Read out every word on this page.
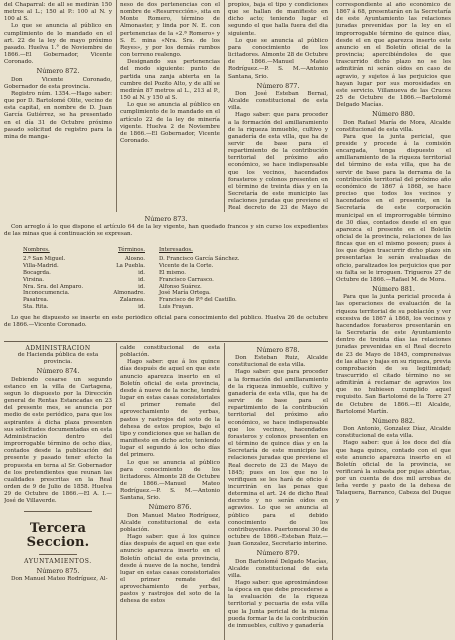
del Chaparral: de all se medirán 150 metros al L.; 150 al P.: 100 al N. y 100 al S.

Lo que se anuncia al público en cumplimiento de lo mandado en el art. 22 de la ley de mayo próximo pasado. Huelva 1.° de Noviembre de 1866.—El Gobernador, Vicente Coronado.

Número 872.

Don Vicente Coronado, Gobernador de esta provincia.

Registro núm. 1354.—Hago saber: que por D. Bartolomé Olite, vecino de esta capital, en nombre de D. Juan García Gutiérrez, se ha presentado en el día 31 de Octubre próximo pasado solicitud de registro para la mina de manga-

neso de dos pertenencias con el nombre de «Resurrección», sita en Monte Romero, término de Almonaster, y linda por N. E. con pertenencias de la «2.ª Romero» y S. E. mina «Nra. Sra. de los Reyes», y por los demás rumbos con terreno realengo.

Designando sus pertenencias del modo siguiente: punto de partida una zanja abierta en la cumbre del Pozito Alto, y de allí se medirán 87 metros al L., 213 al P., 150 al N. y 150 al S.

Lo que se anuncia al público en cumplimiento de lo mandado en el artículo 22 de la ley de minería vigente. Huelva 2 de Noviembre de 1866.—El Gobernador, Vicente Coronado.

propios, baja el tipo y condiciones que se hallan de manifiesto en dicho acto; teniendo lugar el segundo el que halla fuera del dia siguiente.

Lo que se anuncia al público para conocimiento de los licitadores. Almonte 28 de Octubre de 1866.—Manuel Mateo Rodríguez.—P. S. M.—Antonio Santana, Srio.

Número 877.

Don José Esteban Bernal, Alcalde constitucional de esta villa.

Hago saber: que para proceder a la formación del amillaramiento de la riqueza inmueble, cultivo y ganadería de esta villa, que ha de servir de base para el repartimiento de la contribución territorial del próximo año económico, se hace indispensable que los vecinos, hacendados forasteros y colonos presenten en el término de treinta días y en la Secretaría de este municipio las relaciones juradas que previene el Real decreto de 23 de Mayo de

correspondiente al año económico de 1867 á 68, presentarán en la Secretaría de este Ayuntamiento las relaciones juradas prevenidas por la ley en el improrrogable término de quince días, desde el en que aparezca inserto este anuncio en el Boletín oficial de la provincia; apercibiéndoles de que trascurrido dicho plazo no se les admitirán ni serán oídos en caso de agravio, y sujetos á las perjuicios que hayan lugar por sus morosidades en este servicio. Villanueva de las Cruces 25 de Octubre de 1866.—Bartolomé Delgado Macías.

Número 880.

Don Rafael María de Mora, Alcalde constitucional de esta villa.

Para que la junta pericial, que preside y procede á la comisión encargada, tenga dispuesto el amillaramiento de la riqueza territorial del término de esta villa, que ha de servir de base para la derrama de la contribución territorial del próximo año económico de 1867 á 1868, se hace preciso que todos los vecinos y hacendados en el presente, en la Secretaría de este corporación municipal en el improrrogable término de 30 días, contados desde el en que aparezca el presente en el Boletín oficial de la provincia, relaciones de las fincas que en el mismo poseen; pues á los que dejen trascurrir dicho plazo sin presentarlas le serán evaluadas de oficio, paralizados los perjuicios que por su falta se le irroguen. Trigueros 27 de Octubre de 1866.—Rafael M. de Mora.

Número 881.

Para que la junta pericial proceda á las operaciones de evaluación de la riqueza territorial de su población y ver excesiva de 1867 á 1868, los vecinos y hacendados forasteros presentarán en la Secretaría de este Ayuntamiento dentro de treinta días las relaciones juradas prevenidas en el Real decreto de 23 de Mayo de 1845, comprensivas de las altas y bajas en su riqueza, previa comprobación de su legitimidad; trascurrido el citado término no se admitirán á reclamar de agravios los que no hubiesen cumplido aquel requisito. San Bartolomé de la Torre 27 de Octubre de 1866.—El Alcalde, Bartolomé Martín.

Número 882.

Don Antonio, Gonzalez Díaz, Alcalde constitucional de esta villa.

Hago saber: que á los doce del día que haga quince, contado con el que este anuncio aparezca inserto en el Boletín oficial de la provincia, se verificará la subasta por pujas abiertas, por un cuenta de dos mil arrobas de leña verde y pasto de la dehesa de Talaquera, Barranco, Cabeza del Duque y

Número 873.

Con arreglo á lo que dispone el artículo 64 de la ley vigente, han quedado francos y sin curso los expedientes de las minas que á continuación se expresan.

Nombres.	Términos.	Interesados.
2.ª San Miguel.	Alosno.	D. Francisco García Sánchez.
Villa-Madrid.	La Puebla.	Vicente de la Corte.
Bocagrda.	id.	El mismo.
Virsina.	id.	Francisco Carrasco.
Nra. Sra. del Amparo.	id.	Alfonso Suárez.
Inconocumencia.	Almonadre.	José María Ortega.
Pasatrea.	Zalamea.	Francisco de P.ª del Castillo.
Sta. Rita.	id.	Luis Frayan.

Lo que he dispuesto se inserte en este periódico oficial para conocimiento del público. Huelva 26 de octubre de 1866.—Vicente Coronado.

ADMINISTRACION
de Hacienda pública de esta provincia.
Número 874.

Debiendo cesarse un segundo estanco en la villa de Cartagena, segun lo dispuesto por la Dirección general de Rentas Estancadas en 23 del presente mes, se anuncia por medio de este periódico, para que los aspirantes á dicha plaza presenten sus solicitudes documentadas en esta Administración dentro del improrrogable término de ocho días, contados desde la publicación del presente y pasado tener efecto la propuesta en terna al Sr. Gobernador de los pretendientes que reunan las cualidades prescritas en la Real orden de 9 de Julio de 1858. Huelva 29 de Octubre de 1866.—El A. I.—José de Villaverde.

Tercera Seccion.
AYUNTAMIENTOS.
Número 875.

Don Manuel Mateo Rodríguez, Al-

calde constitucional de esta población.

Hago saber: que á los quince días después de aquel en que este anuncio aparezca inserto en el Boletín oficial de esta provincia, desde á nueve de la noche, tendrá lugar en estas casas consistoriales el primer remate del aprovechamiento de yerbas, pastos y rastrojos del soto de la dehesa de estos propios, bajo el tipo y condiciones que se hallan de manifiesto en dicho acto; teniendo lugar el segundo á los ocho días del primero.

Lo que se anuncia al público para conocimiento de los licitadores. Almonte 28 de Octubre de 1866.—Manuel Mateo Rodríguez.—P. S. M.—Antonio Santana, Srio.

Número 876.

Don Manuel Mateo Rodríguez, Alcalde constitucional de esta población.

Hago saber: que á los quince días después de aquel en que este anuncio aparezca inserto en el Boletín oficial de esta provincia, desde á nueve de la noche, tendrá lugar en estas casas consistoriales el primer remate del aprovechamiento de yerbas, pastos y rastrojos del soto de la dehesa de estos

Número 878.

Don Esteban Ruiz, Alcalde constitucional de esta villa.

Hago saber: que para proceder a la formación del amillaramiento de la riqueza inmueble, cultivo y ganadería de esta villa, que ha de servir de base para el repartimiento de la contribución territorial del próximo año económico, se hace indispensable que los vecinos, hacendados forasteros y colonos presenten en el término de quince días y en la Secretaría de este municipio las relaciones juradas que previene el Real decreto de 23 de Mayo de 1845; pues en los que no lo verifiquen se les hará de oficio é incurrirán en las penas que determina el art. 24 de dicho Real decreto y no serán oídos en agravios. Lo que se anuncia al público para el debido conocimiento de los contribuyentes. Puertomoral 30 de octubre de 1866.–Esteban Ruiz.—Juan Gonzalez, Secretario interino.

Número 879.

Don Bartolomé Delgado Macías, Alcalde constitucional de esta villa.

Hago saber: que aproximándose la época en que debe procederse a la evaluación de la riqueza territorial y pecuaria de esta villa que la Junta pericial de la misma pueda formar la de la contribución de inmuebles, cultivo y ganadería
